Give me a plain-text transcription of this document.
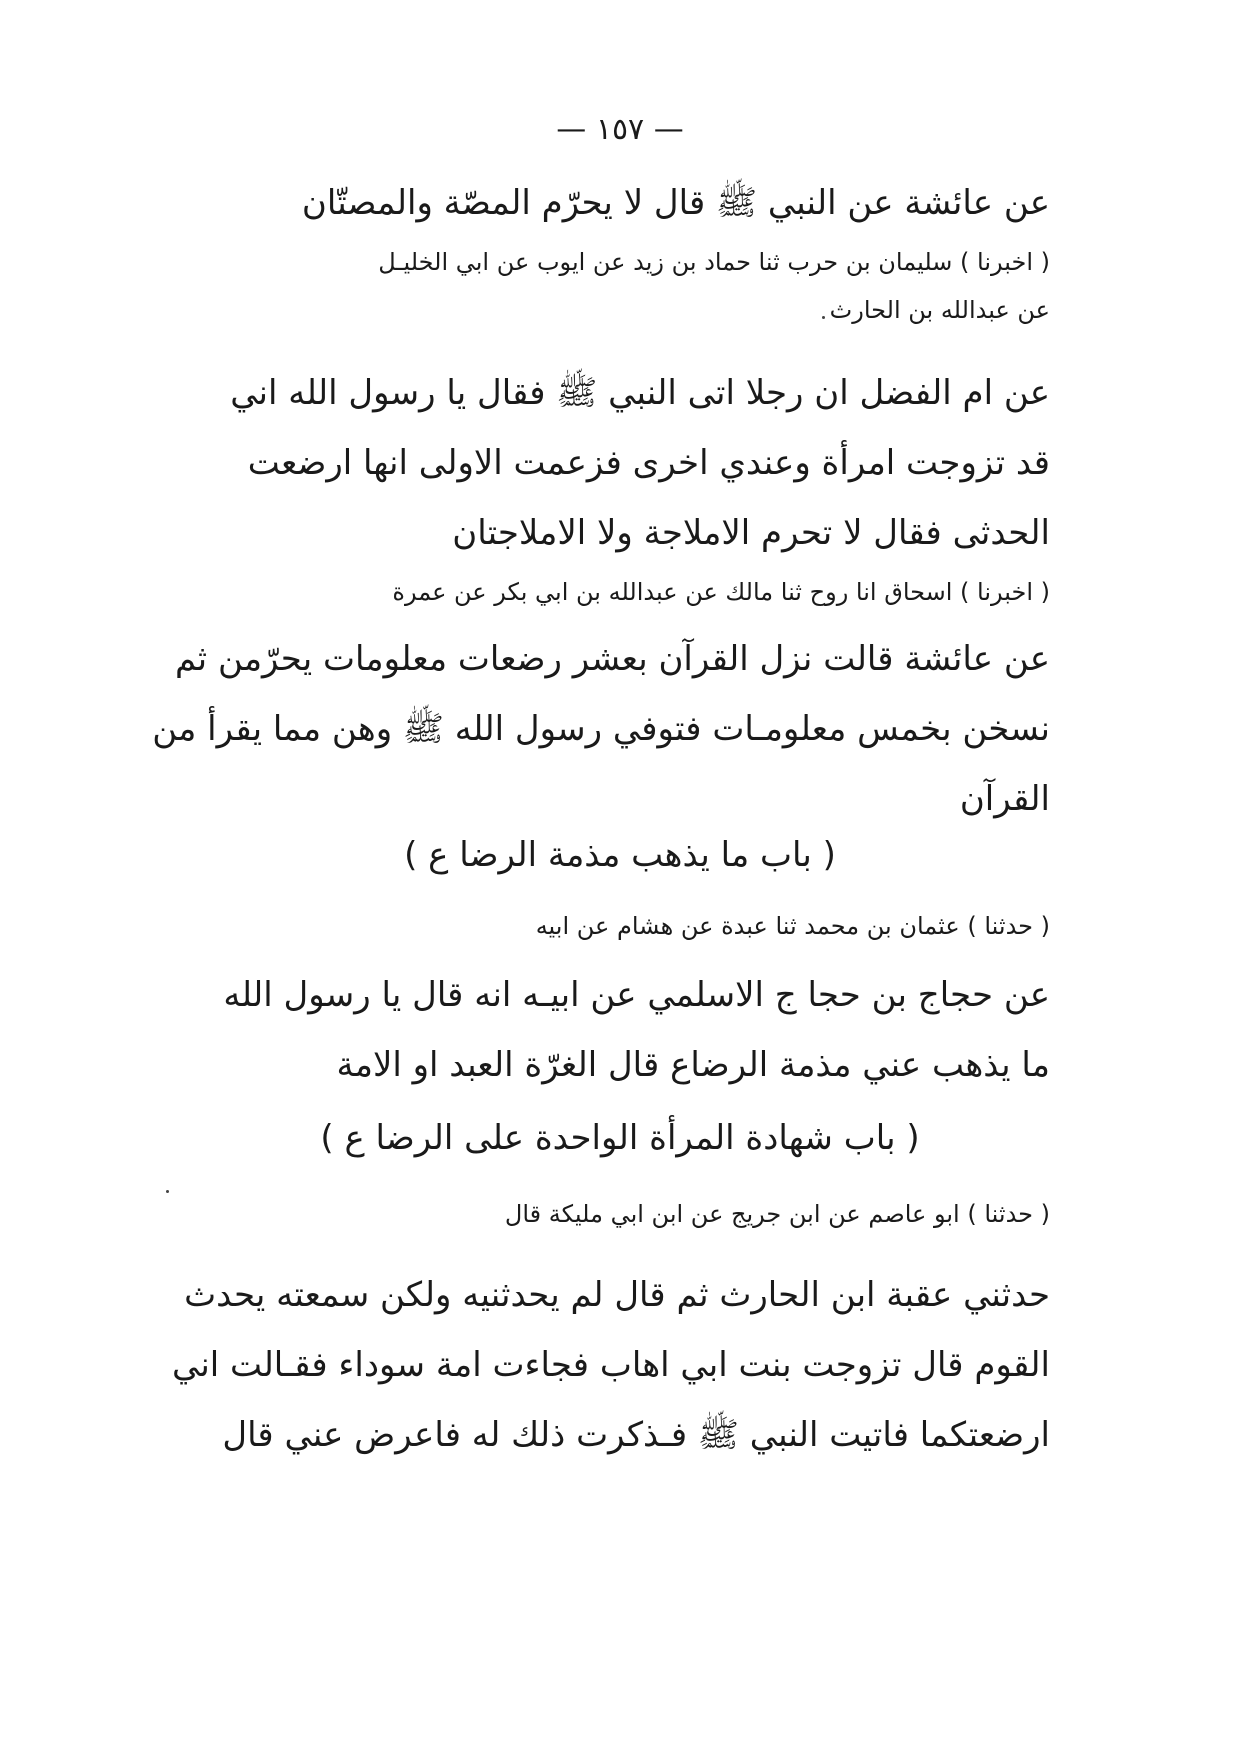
— ١٥٧ —
عن عائشة عن النبي ﷺ قال لا يحرّم المصّة والمصتّان
( اخبرنا ) سليمان بن حرب ثنا حماد بن زيد عن ايوب عن ابي الخليـل
عن عبدالله بن الحارث
عن ام الفضل ان رجلا اتى النبي ﷺ فقال يا رسول الله اني
قد تزوجت امرأة وعندي اخرى فزعمت الاولى انها ارضعت
الحدثى فقال لا تحرم الاملاجة ولا الاملاجتان
( اخبرنا ) اسحاق انا روح ثنا مالك عن عبدالله بن ابي بكر عن عمرة
عن عائشة قالت نزل القرآن بعشر رضعات معلومات يحرّمن ثم
نسخن بخمس معلومـات فتوفي رسول الله ﷺ وهن مما يقرأ من
القرآن
( باب ما يذهب مذمة الرضا ع )
( حدثنا ) عثمان بن محمد ثنا عبدة عن هشام عن ابيه
عن حجاج بن حجا ج الاسلمي عن ابيـه انه قال يا رسول الله
ما يذهب عني مذمة الرضاع قال الغرّة العبد او الامة
( باب شهادة المرأة الواحدة على الرضا ع )
( حدثنا ) ابو عاصم عن ابن جريج عن ابن ابي مليكة قال
حدثني عقبة ابن الحارث ثم قال لم يحدثنيه ولكن سمعته يحدث
القوم قال تزوجت بنت ابي اهاب فجاءت امة سوداء فقـالت اني
ارضعتكما فاتيت النبي ﷺ فـذكرت ذلك له فاعرض عني قال
